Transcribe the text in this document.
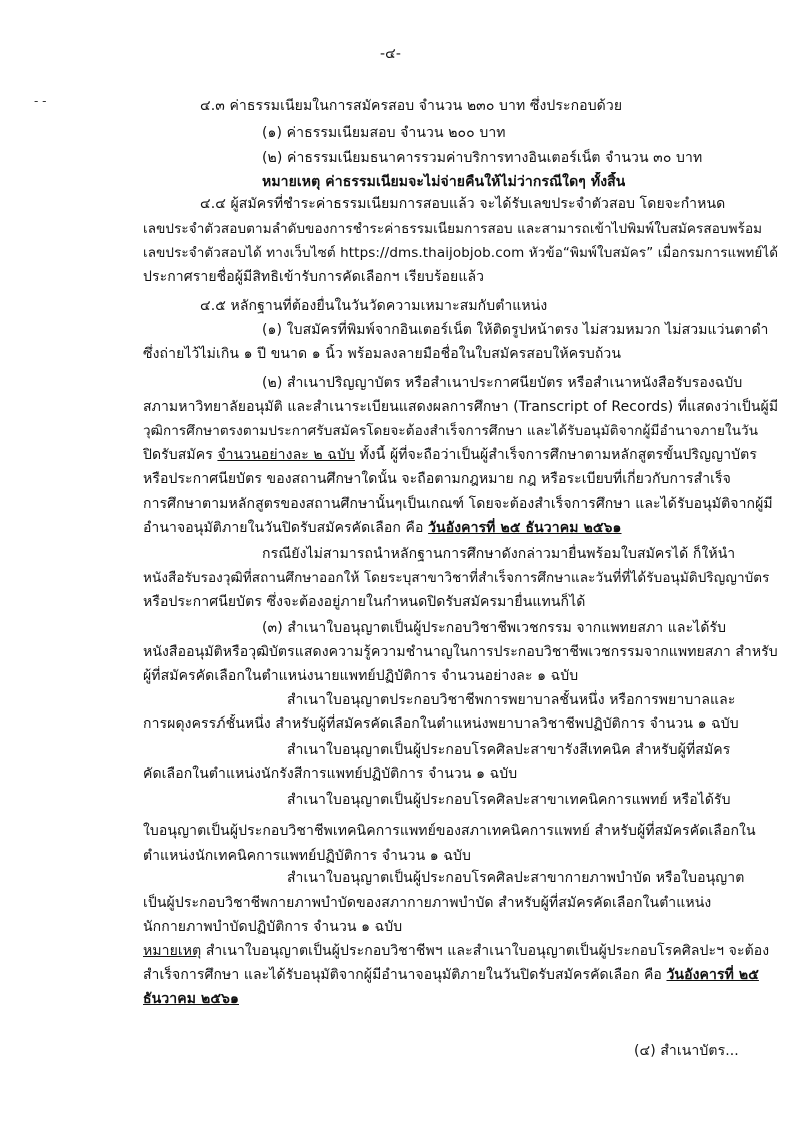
-๔-
- -	๔.๓ ค่าธรรมเนียมในการสมัครสอบ จำนวน ๒๓๐ บาท ซึ่งประกอบด้วย
(๑) ค่าธรรมเนียมสอบ จำนวน ๒๐๐ บาท
(๒) ค่าธรรมเนียมธนาคารรวมค่าบริการทางอินเตอร์เน็ต จำนวน ๓๐ บาท
หมายเหตุ ค่าธรรมเนียมจะไม่จ่ายคืนให้ไม่ว่ากรณีใดๆ ทั้งสิ้น
๔.๔ ผู้สมัครที่ชำระค่าธรรมเนียมการสอบแล้ว จะได้รับเลขประจำตัวสอบ โดยจะกำหนด
เลขประจำตัวสอบตามลำดับของการชำระค่าธรรมเนียมการสอบ และสามารถเข้าไปพิมพ์ใบสมัครสอบพร้อม
เลขประจำตัวสอบได้ ทางเว็บไซต์ https://dms.thaijobjob.com หัวข้อ“พิมพ์ใบสมัคร” เมื่อกรมการแพทย์ได้
ประกาศรายชื่อผู้มีสิทธิเข้ารับการคัดเลือกฯ เรียบร้อยแล้ว
๔.๕ หลักฐานที่ต้องยื่นในวันวัดความเหมาะสมกับตำแหน่ง
(๑) ใบสมัครที่พิมพ์จากอินเตอร์เน็ต ให้ติดรูปหน้าตรง ไม่สวมหมวก ไม่สวมแว่นตาดำ
ซึ่งถ่ายไว้ไม่เกิน ๑ ปี ขนาด ๑ นิ้ว พร้อมลงลายมือชื่อในใบสมัครสอบให้ครบถ้วน
(๒) สำเนาปริญญาบัตร หรือสำเนาประกาศนียบัตร หรือสำเนาหนังสือรับรองฉบับ
สภามหาวิทยาลัยอนุมัติ และสำเนาระเบียนแสดงผลการศึกษา (Transcript of Records) ที่แสดงว่าเป็นผู้มี
วุฒิการศึกษาตรงตามประกาศรับสมัครโดยจะต้องสำเร็จการศึกษา และได้รับอนุมัติจากผู้มีอำนาจภายในวัน
ปิดรับสมัคร จำนวนอย่างละ ๒ ฉบับ ทั้งนี้ ผู้ที่จะถือว่าเป็นผู้สำเร็จการศึกษาตามหลักสูตรขั้นปริญญาบัตร
หรือประกาศนียบัตร ของสถานศึกษาใดนั้น จะถือตามกฎหมาย กฎ หรือระเบียบที่เกี่ยวกับการสำเร็จ
การศึกษาตามหลักสูตรของสถานศึกษานั้นๆเป็นเกณฑ์ โดยจะต้องสำเร็จการศึกษา และได้รับอนุมัติจากผู้มี
อำนาจอนุมัติภายในวันปิดรับสมัครคัดเลือก คือ วันอังคารที่ ๒๕ ธันวาคม ๒๕๖๑
กรณียังไม่สามารถนำหลักฐานการศึกษาดังกล่าวมายื่นพร้อมใบสมัครได้ ก็ให้นำ
หนังสือรับรองวุฒิที่สถานศึกษาออกให้ โดยระบุสาขาวิชาที่สำเร็จการศึกษาและวันที่ที่ได้รับอนุมัติปริญญาบัตร
หรือประกาศนียบัตร ซึ่งจะต้องอยู่ภายในกำหนดปิดรับสมัครมายื่นแทนก็ได้
(๓) สำเนาใบอนุญาตเป็นผู้ประกอบวิชาชีพเวชกรรม จากแพทยสภา และได้รับ
หนังสืออนุมัติหรือวุฒิบัตรแสดงความรู้ความชำนาญในการประกอบวิชาชีพเวชกรรมจากแพทยสภา สำหรับ
ผู้ที่สมัครคัดเลือกในตำแหน่งนายแพทย์ปฏิบัติการ จำนวนอย่างละ ๑ ฉบับ
สำเนาใบอนุญาตประกอบวิชาชีพการพยาบาลชั้นหนึ่ง หรือการพยาบาลและ
การผดุงครรภ์ชั้นหนึ่ง สำหรับผู้ที่สมัครคัดเลือกในตำแหน่งพยาบาลวิชาชีพปฏิบัติการ จำนวน ๑ ฉบับ
สำเนาใบอนุญาตเป็นผู้ประกอบโรคศิลปะสาขารังสีเทคนิค สำหรับผู้ที่สมัคร
คัดเลือกในตำแหน่งนักรังสีการแพทย์ปฏิบัติการ จำนวน ๑ ฉบับ
สำเนาใบอนุญาตเป็นผู้ประกอบโรคศิลปะสาขาเทคนิคการแพทย์ หรือได้รับ
ใบอนุญาตเป็นผู้ประกอบวิชาชีพเทคนิคการแพทย์ของสภาเทคนิคการแพทย์ สำหรับผู้ที่สมัครคัดเลือกใน
ตำแหน่งนักเทคนิคการแพทย์ปฏิบัติการ จำนวน ๑ ฉบับ
สำเนาใบอนุญาตเป็นผู้ประกอบโรคศิลปะสาขากายภาพบำบัด หรือใบอนุญาต
เป็นผู้ประกอบวิชาชีพกายภาพบำบัดของสภากายภาพบำบัด สำหรับผู้ที่สมัครคัดเลือกในตำแหน่ง
นักกายภาพบำบัดปฏิบัติการ จำนวน ๑ ฉบับ
หมายเหตุ สำเนาใบอนุญาตเป็นผู้ประกอบวิชาชีพฯ และสำเนาใบอนุญาตเป็นผู้ประกอบโรคศิลปะฯ จะต้อง
สำเร็จการศึกษา และได้รับอนุมัติจากผู้มีอำนาจอนุมัติภายในวันปิดรับสมัครคัดเลือก คือ วันอังคารที่ ๒๕
ธันวาคม ๒๕๖๑
(๔) สำเนาบัตร...
